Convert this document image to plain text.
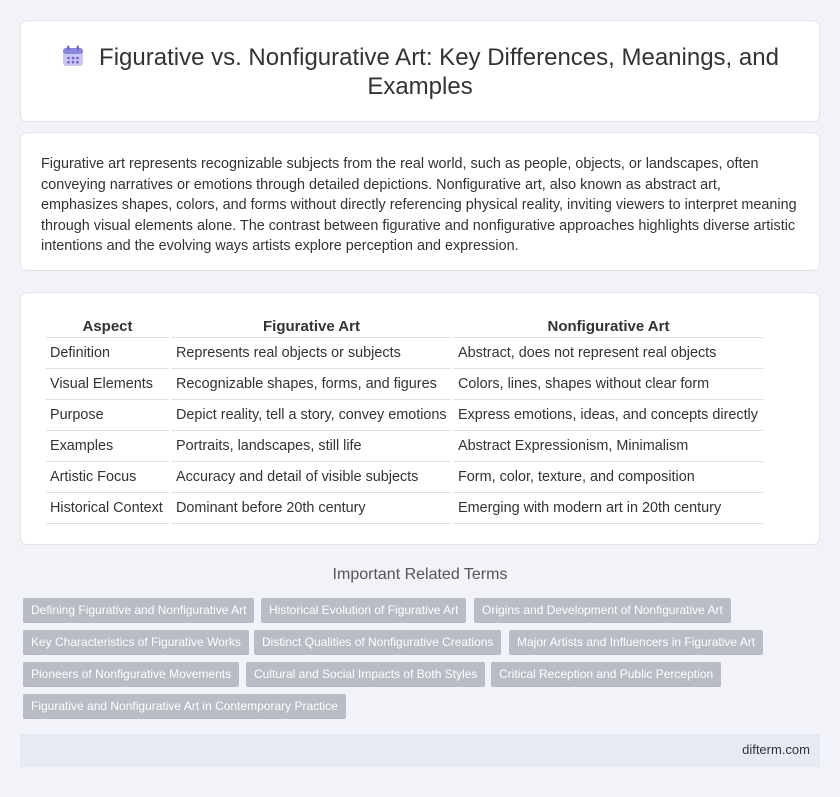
Figurative vs. Nonfigurative Art: Key Differences, Meanings, and Examples

Figurative art represents recognizable subjects from the real world, such as people, objects, or landscapes, often conveying narratives or emotions through detailed depictions. Nonfigurative art, also known as abstract art, emphasizes shapes, colors, and forms without directly referencing physical reality, inviting viewers to interpret meaning through visual elements alone. The contrast between figurative and nonfigurative approaches highlights diverse artistic intentions and the evolving ways artists explore perception and expression.

Aspect	Figurative Art	Nonfigurative Art
Definition	Represents real objects or subjects	Abstract, does not represent real objects
Visual Elements	Recognizable shapes, forms, and figures	Colors, lines, shapes without clear form
Purpose	Depict reality, tell a story, convey emotions	Express emotions, ideas, and concepts directly
Examples	Portraits, landscapes, still life	Abstract Expressionism, Minimalism
Artistic Focus	Accuracy and detail of visible subjects	Form, color, texture, and composition
Historical Context	Dominant before 20th century	Emerging with modern art in 20th century
Important Related Terms
Defining Figurative and Nonfigurative Art	Historical Evolution of Figurative Art	Origins and Development of Nonfigurative Art
Key Characteristics of Figurative Works	Distinct Qualities of Nonfigurative Creations	Major Artists and Influencers in Figurative Art
Pioneers of Nonfigurative Movements	Cultural and Social Impacts of Both Styles	Critical Reception and Public Perception
Figurative and Nonfigurative Art in Contemporary Practice
difterm.com
